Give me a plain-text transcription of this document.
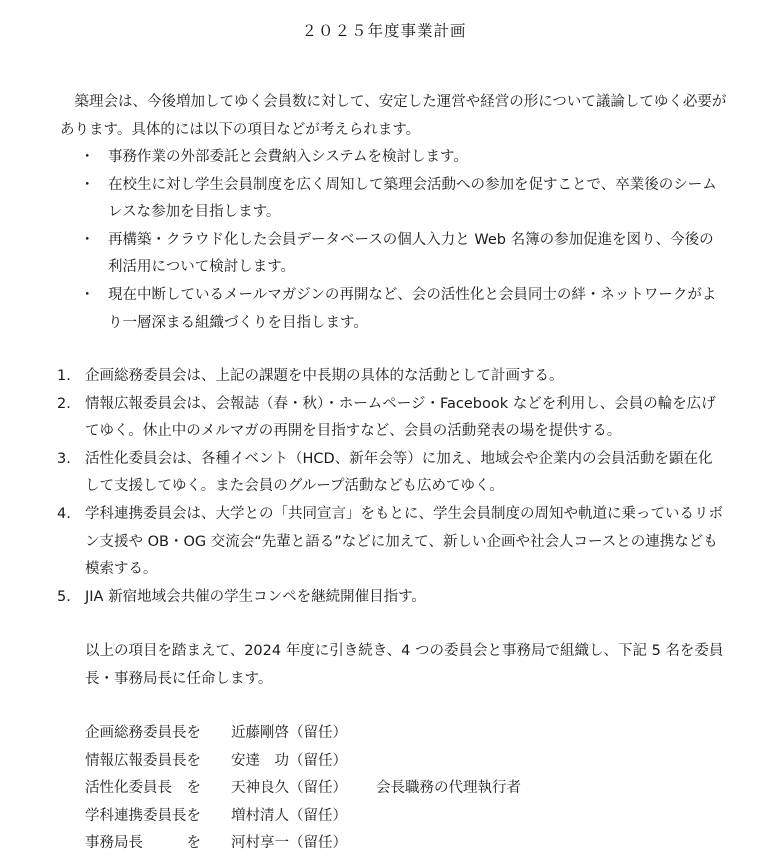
２０２５年度事業計画

築理会は、今後増加してゆく会員数に対して、安定した運営や経営の形について議論してゆく必要があります。具体的には以下の項目などが考えられます。

・ 事務作業の外部委託と会費納入システムを検討します。
・ 在校生に対し学生会員制度を広く周知して築理会活動への参加を促すことで、卒業後のシームレスな参加を目指します。
・ 再構築・クラウド化した会員データベースの個人入力と Web 名簿の参加促進を図り、今後の利活用について検討します。
・ 現在中断しているメールマガジンの再開など、会の活性化と会員同士の絆・ネットワークがより一層深まる組織づくりを目指します。
1. 企画総務委員会は、上記の課題を中長期の具体的な活動として計画する。
2. 情報広報委員会は、会報誌（春・秋）・ホームページ・Facebook などを利用し、会員の輪を広げてゆく。休止中のメルマガの再開を目指すなど、会員の活動発表の場を提供する。
3. 活性化委員会は、各種イベント（HCD、新年会等）に加え、地域会や企業内の会員活動を顕在化して支援してゆく。また会員のグループ活動なども広めてゆく。
4. 学科連携委員会は、大学との「共同宣言」をもとに、学生会員制度の周知や軌道に乗っているリボン支援や OB・OG 交流会“先輩と語る”などに加えて、新しい企画や社会人コースとの連携なども模索する。
5. JIA 新宿地域会共催の学生コンペを継続開催目指す。

以上の項目を踏まえて、2024 年度に引き続き、4 つの委員会と事務局で組織し、下記 5 名を委員長・事務局長に任命します。

企画総務委員長を 近藤剛啓（留任）
情報広報委員長を 安達　功（留任）
活性化委員長　を 天神良久（留任） 会長職務の代理執行者
学科連携委員長を 増村清人（留任）
事務局長　　　を 河村享一（留任）
